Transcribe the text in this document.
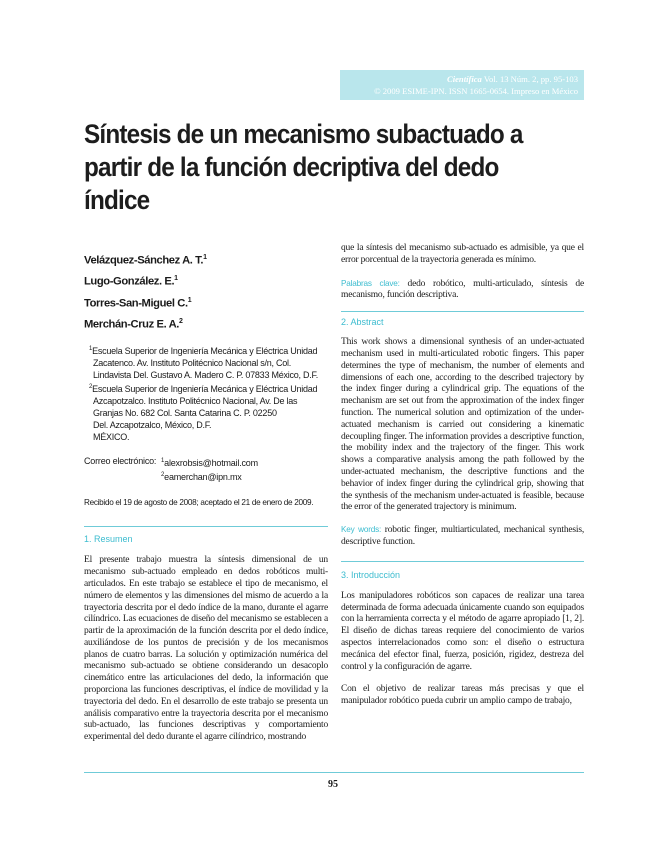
Científica Vol. 13 Núm. 2, pp. 95-103
© 2009 ESIME-IPN. ISSN 1665-0654. Impreso en México
Síntesis de un mecanismo subactuado a partir de la función decriptiva del dedo índice
Velázquez-Sánchez A. T.$^1$
Lugo-González. E.$^1$
Torres-San-Miguel C.$^1$
Merchán-Cruz E. A.$^2$

$^1$Escuela Superior de Ingeniería Mecánica y Eléctrica Unidad
Zacatenco. Av. Instituto Politécnico Nacional s/n, Col.
Lindavista Del. Gustavo A. Madero C. P. 07833 México, D.F.

$^2$Escuela Superior de Ingeniería Mecánica y Eléctrica Unidad
Azcapotzalco. Instituto Politécnico Nacional, Av. De las
Granjas No. 682 Col. Santa Catarina C. P. 02250
Del. Azcapotzalco, México, D.F.
MÉXICO.

Correo electrónico: $^1$alexrobsis@hotmail.com
$^2$eamerchan@ipn.mx
Recibido el 19 de agosto de 2008; aceptado el 21 de enero de 2009.
1. Resumen

El presente trabajo muestra la síntesis dimensional de un mecanismo sub-actuado empleado en dedos robóticos multi-articulados. En este trabajo se establece el tipo de mecanismo, el número de elementos y las dimensiones del mismo de acuerdo a la trayectoria descrita por el dedo índice de la mano, durante el agarre cilíndrico. Las ecuaciones de diseño del mecanismo se establecen a partir de la aproximación de la función descrita por el dedo índice, auxiliándose de los puntos de precisión y de los mecanismos planos de cuatro barras. La solución y optimización numérica del mecanismo sub-actuado se obtiene considerando un desacoplo cinemático entre las articulaciones del dedo, la información que proporciona las funciones descriptivas, el índice de movilidad y la trayectoria del dedo. En el desarrollo de este trabajo se presenta un análisis comparativo entre la trayectoria descrita por el mecanismo sub-actuado, las funciones descriptivas y comportamiento experimental del dedo durante el agarre cilíndrico, mostrando

que la síntesis del mecanismo sub-actuado es admisible, ya que el error porcentual de la trayectoria generada es mínimo.

Palabras clave: dedo robótico, multi-articulado, síntesis de mecanismo, función descriptiva.

2. Abstract

This work shows a dimensional synthesis of an under-actuated mechanism used in multi-articulated robotic fingers. This paper determines the type of mechanism, the number of elements and dimensions of each one, according to the described trajectory by the index finger during a cylindrical grip. The equations of the mechanism are set out from the approximation of the index finger function. The numerical solution and optimization of the under-actuated mechanism is carried out considering a kinematic decoupling finger. The information provides a descriptive function, the mobility index and the trajectory of the finger. This work shows a comparative analysis among the path followed by the under-actuated mechanism, the descriptive functions and the behavior of index finger during the cylindrical grip, showing that the synthesis of the mechanism under-actuated is feasible, because the error of the generated trajectory is minimum.

Key words: robotic finger, multiarticulated, mechanical synthesis, descriptive function.

3. Introducción

Los manipuladores robóticos son capaces de realizar una tarea determinada de forma adecuada únicamente cuando son equipados con la herramienta correcta y el método de agarre apropiado [1, 2]. El diseño de dichas tareas requiere del conocimiento de varios aspectos interrelacionados como son: el diseño o estructura mecánica del efector final, fuerza, posición, rigidez, destreza del control y la configuración de agarre.

Con el objetivo de realizar tareas más precisas y que el manipulador robótico pueda cubrir un amplio campo de trabajo,

95
